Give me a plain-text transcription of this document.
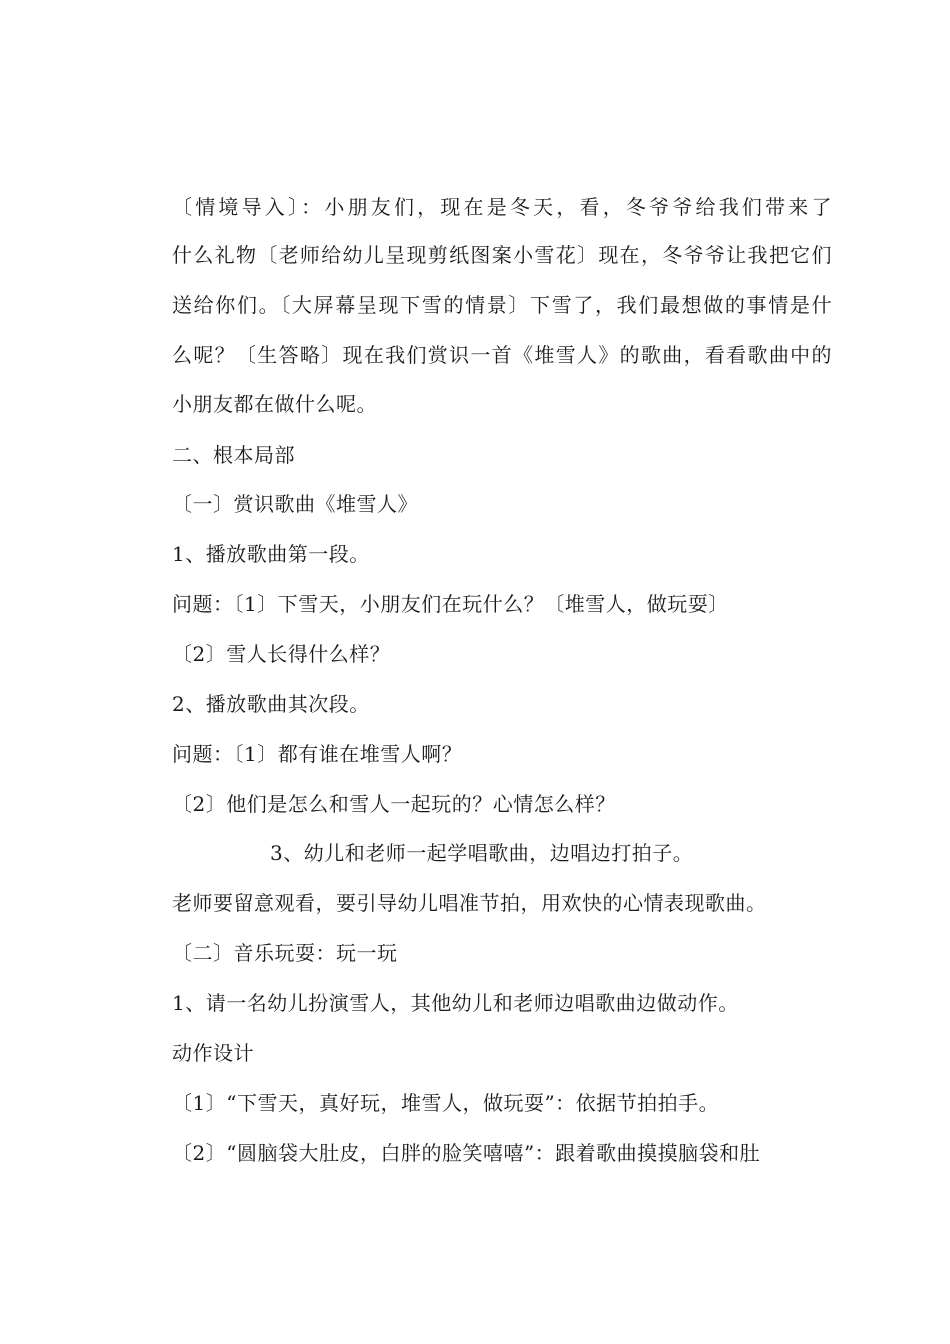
〔情境导入〕：小朋友们，现在是冬天，看，冬爷爷给我们带来了
什么礼物〔老师给幼儿呈现剪纸图案小雪花〕现在，冬爷爷让我把它们
送给你们。〔大屏幕呈现下雪的情景〕下雪了，我们最想做的事情是什
么呢？〔生答略〕现在我们赏识一首《堆雪人》的歌曲，看看歌曲中的
小朋友都在做什么呢。
二、根本局部
〔一〕赏识歌曲《堆雪人》
1、播放歌曲第一段。
问题：〔1〕下雪天，小朋友们在玩什么？〔堆雪人，做玩耍〕
〔2〕雪人长得什么样？
2、播放歌曲其次段。
问题：〔1〕都有谁在堆雪人啊？
〔2〕他们是怎么和雪人一起玩的？心情怎么样？
3、幼儿和老师一起学唱歌曲，边唱边打拍子。
老师要留意观看，要引导幼儿唱准节拍，用欢快的心情表现歌曲。
〔二〕音乐玩耍：玩一玩
1、请一名幼儿扮演雪人，其他幼儿和老师边唱歌曲边做动作。
动作设计
〔1〕“下雪天，真好玩，堆雪人，做玩耍”：依据节拍拍手。
〔2〕“圆脑袋大肚皮，白胖的脸笑嘻嘻”：跟着歌曲摸摸脑袋和肚
